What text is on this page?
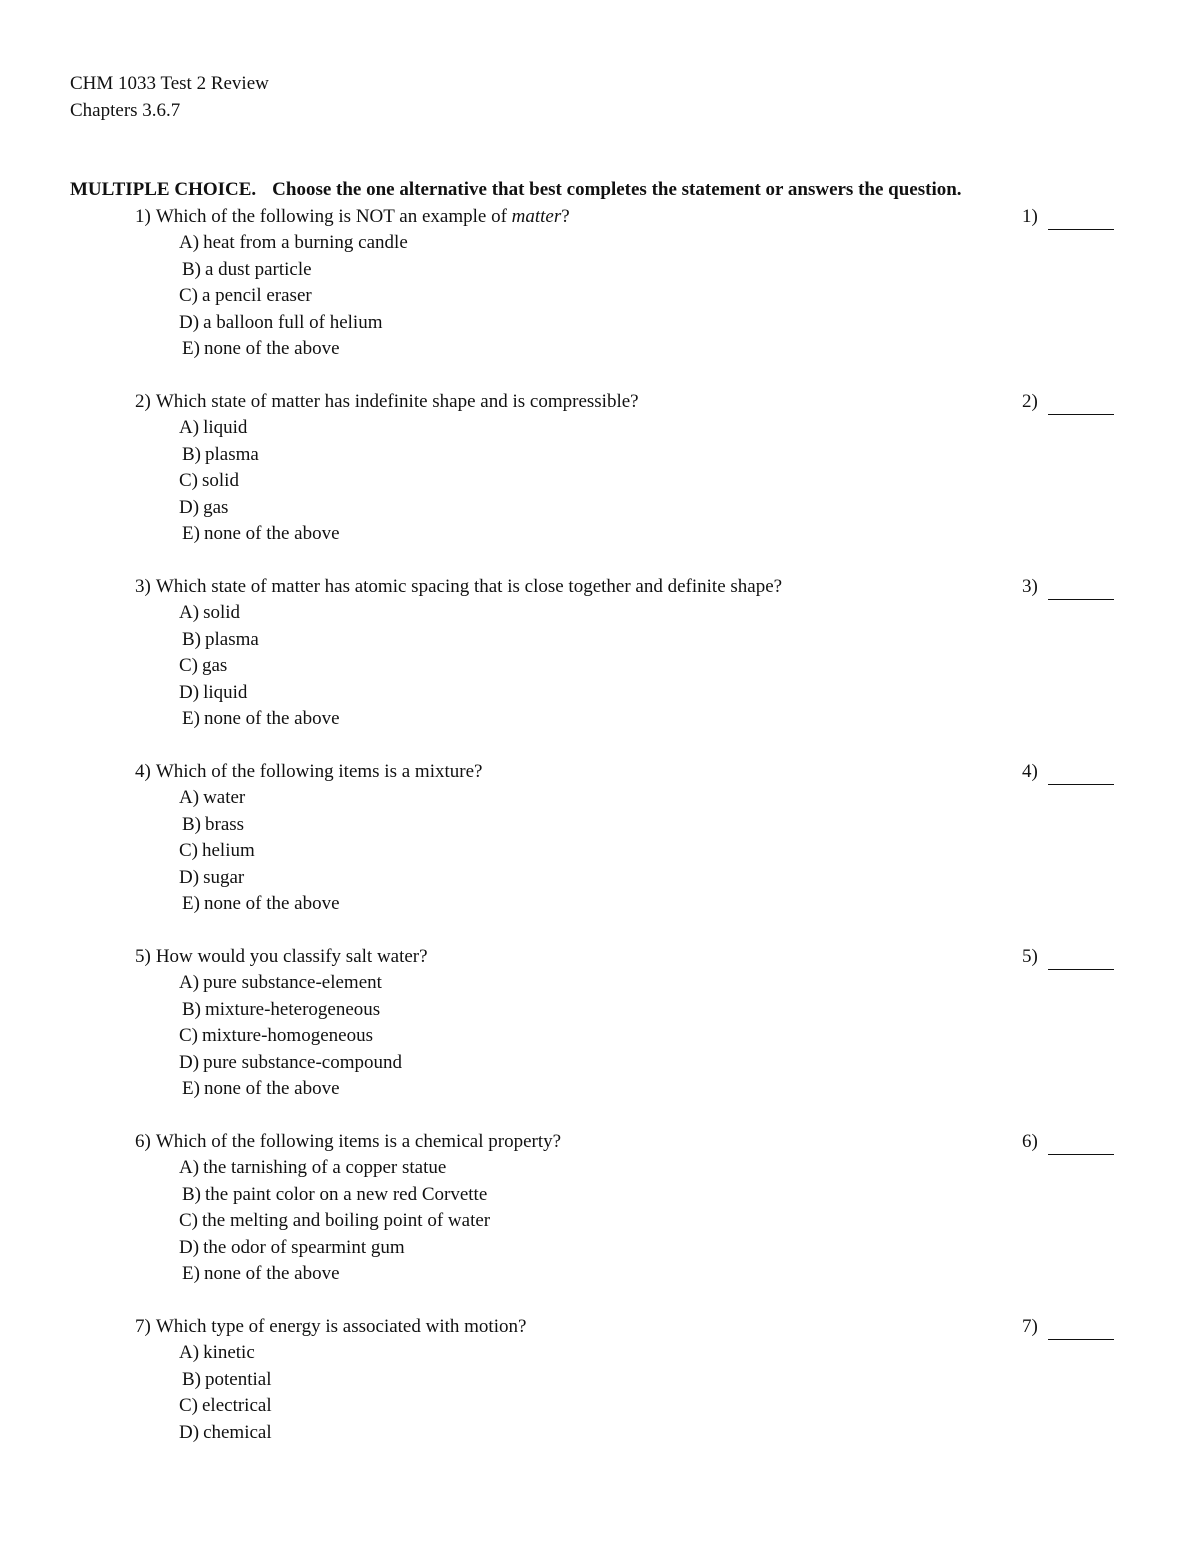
CHM 1033 Test 2 Review
Chapters 3.6.7
MULTIPLE CHOICE. Choose the one alternative that best completes the statement or answers the question.
1) Which of the following is NOT an example of matter?	1)
A) heat from a burning candle
B) a dust particle
C) a pencil eraser
D) a balloon full of helium
E) none of the above
2) Which state of matter has indefinite shape and is compressible?	2)
A) liquid
B) plasma
C) solid
D) gas
E) none of the above
3) Which state of matter has atomic spacing that is close together and definite shape?	3)
A) solid
B) plasma
C) gas
D) liquid
E) none of the above
4) Which of the following items is a mixture?	4)
A) water
B) brass
C) helium
D) sugar
E) none of the above
5) How would you classify salt water?	5)
A) pure substance-element
B) mixture-heterogeneous
C) mixture-homogeneous
D) pure substance-compound
E) none of the above
6) Which of the following items is a chemical property?	6)
A) the tarnishing of a copper statue
B) the paint color on a new red Corvette
C) the melting and boiling point of water
D) the odor of spearmint gum
E) none of the above
7) Which type of energy is associated with motion?	7)
A) kinetic
B) potential
C) electrical
D) chemical
